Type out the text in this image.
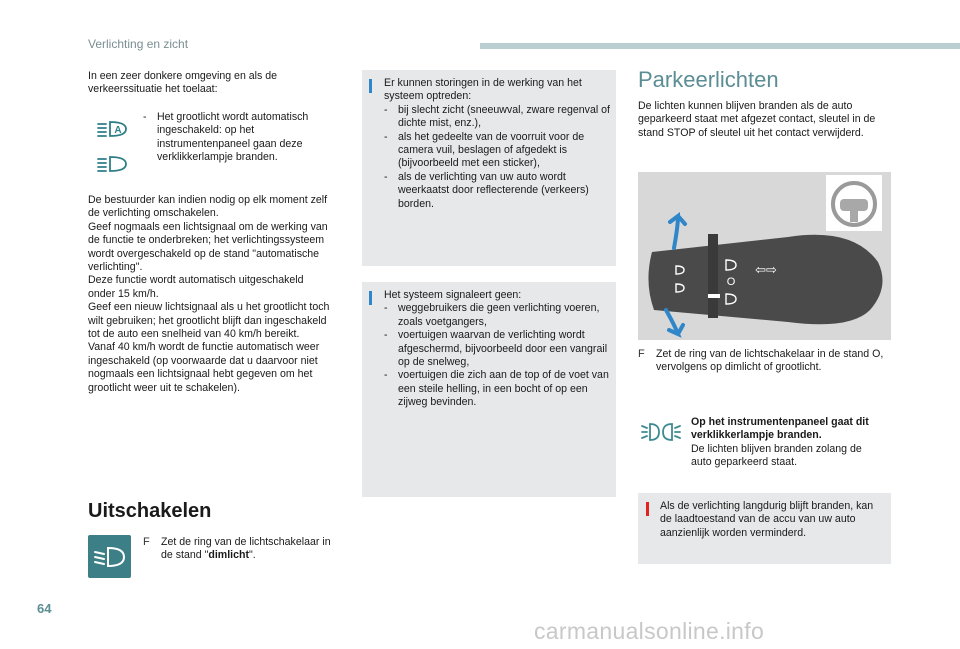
Verlichting en zicht
In een zeer donkere omgeving en als de verkeerssituatie het toelaat:
A
- Het grootlicht wordt automatisch ingeschakeld: op het instrumentenpaneel gaan deze verklikkerlampje branden.
De bestuurder kan indien nodig op elk moment zelf
de verlichting omschakelen.
Geef nogmaals een lichtsignaal om de werking van
de functie te onderbreken; het verlichtingssysteem
wordt overgeschakeld op de stand "automatische
verlichting".
Deze functie wordt automatisch uitgeschakeld
onder 15 km/h.
Geef een nieuw lichtsignaal als u het grootlicht toch
wilt gebruiken; het grootlicht blijft dan ingeschakeld
tot de auto een snelheid van 40 km/h bereikt.
Vanaf 40 km/h wordt de functie automatisch weer
ingeschakeld (op voorwaarde dat u daarvoor niet
nogmaals een lichtsignaal hebt gegeven om het
grootlicht weer uit te schakelen).
Uitschakelen
F	Zet de ring van de lichtschakelaar in de stand "dimlicht".
Er kunnen storingen in de werking van het systeem optreden:
- bij slecht zicht (sneeuwval, zware regenval of dichte mist, enz.),
- als het gedeelte van de voorruit voor de camera vuil, beslagen of afgedekt is (bijvoorbeeld met een sticker),
- als de verlichting van uw auto wordt weerkaatst door reflecterende (verkeers) borden.
Het systeem signaleert geen:
- weggebruikers die geen verlichting voeren, zoals voetgangers,
- voertuigen waarvan de verlichting wordt afgeschermd, bijvoorbeeld door een vangrail op de snelweg,
- voertuigen die zich aan de top of de voet van een steile helling, in een bocht of op een zijweg bevinden.
Parkeerlichten
De lichten kunnen blijven branden als de auto geparkeerd staat met afgezet contact, sleutel in de stand STOP of sleutel uit het contact verwijderd.
O
⇦⇨
F	Zet de ring van de lichtschakelaar in de stand O, vervolgens op dimlicht of grootlicht.
Op het instrumentenpaneel gaat dit verklikkerlampje branden.
De lichten blijven branden zolang de auto geparkeerd staat.
Als de verlichting langdurig blijft branden, kan de laadtoestand van de accu van uw auto aanzienlijk worden verminderd.
64
carmanualsonline.info
